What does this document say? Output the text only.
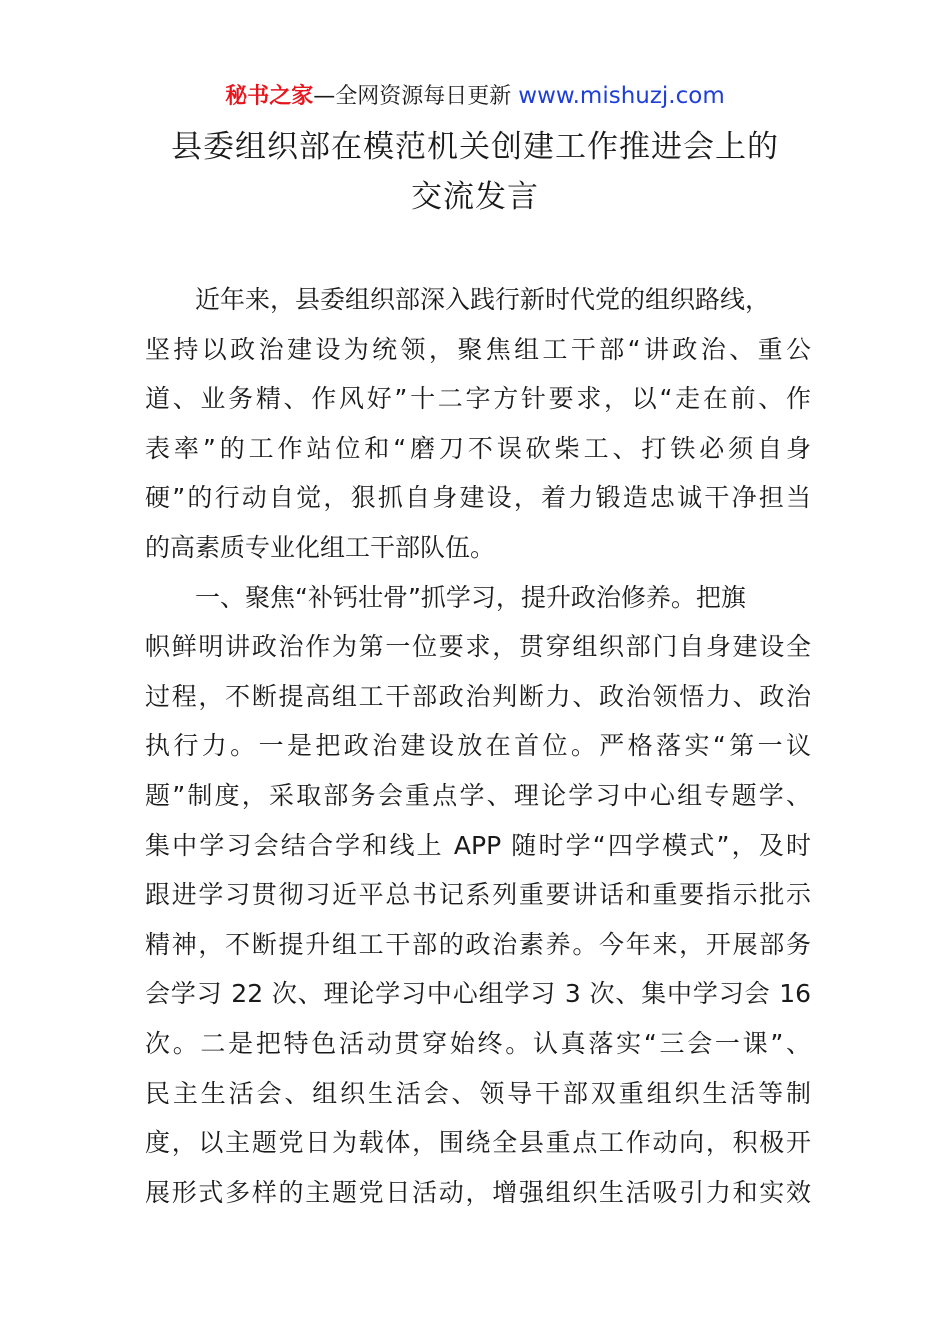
秘书之家—全网资源每日更新 www.mishuzj.com
县委组织部在模范机关创建工作推进会上的
交流发言
近年来，县委组织部深入践行新时代党的组织路线，
坚持以政治建设为统领，聚焦组工干部“讲政治、重公
道、业务精、作风好”十二字方针要求，以“走在前、作
表率”的工作站位和“磨刀不误砍柴工、打铁必须自身
硬”的行动自觉，狠抓自身建设，着力锻造忠诚干净担当
的高素质专业化组工干部队伍。
一、聚焦“补钙壮骨”抓学习，提升政治修养。把旗
帜鲜明讲政治作为第一位要求，贯穿组织部门自身建设全
过程，不断提高组工干部政治判断力、政治领悟力、政治
执行力。一是把政治建设放在首位。严格落实“第一议
题”制度，采取部务会重点学、理论学习中心组专题学、
集中学习会结合学和线上 APP 随时学“四学模式”，及时
跟进学习贯彻习近平总书记系列重要讲话和重要指示批示
精神，不断提升组工干部的政治素养。今年来，开展部务
会学习 22 次、理论学习中心组学习 3 次、集中学习会 16
次。二是把特色活动贯穿始终。认真落实“三会一课”、
民主生活会、组织生活会、领导干部双重组织生活等制
度，以主题党日为载体，围绕全县重点工作动向，积极开
展形式多样的主题党日活动，增强组织生活吸引力和实效
